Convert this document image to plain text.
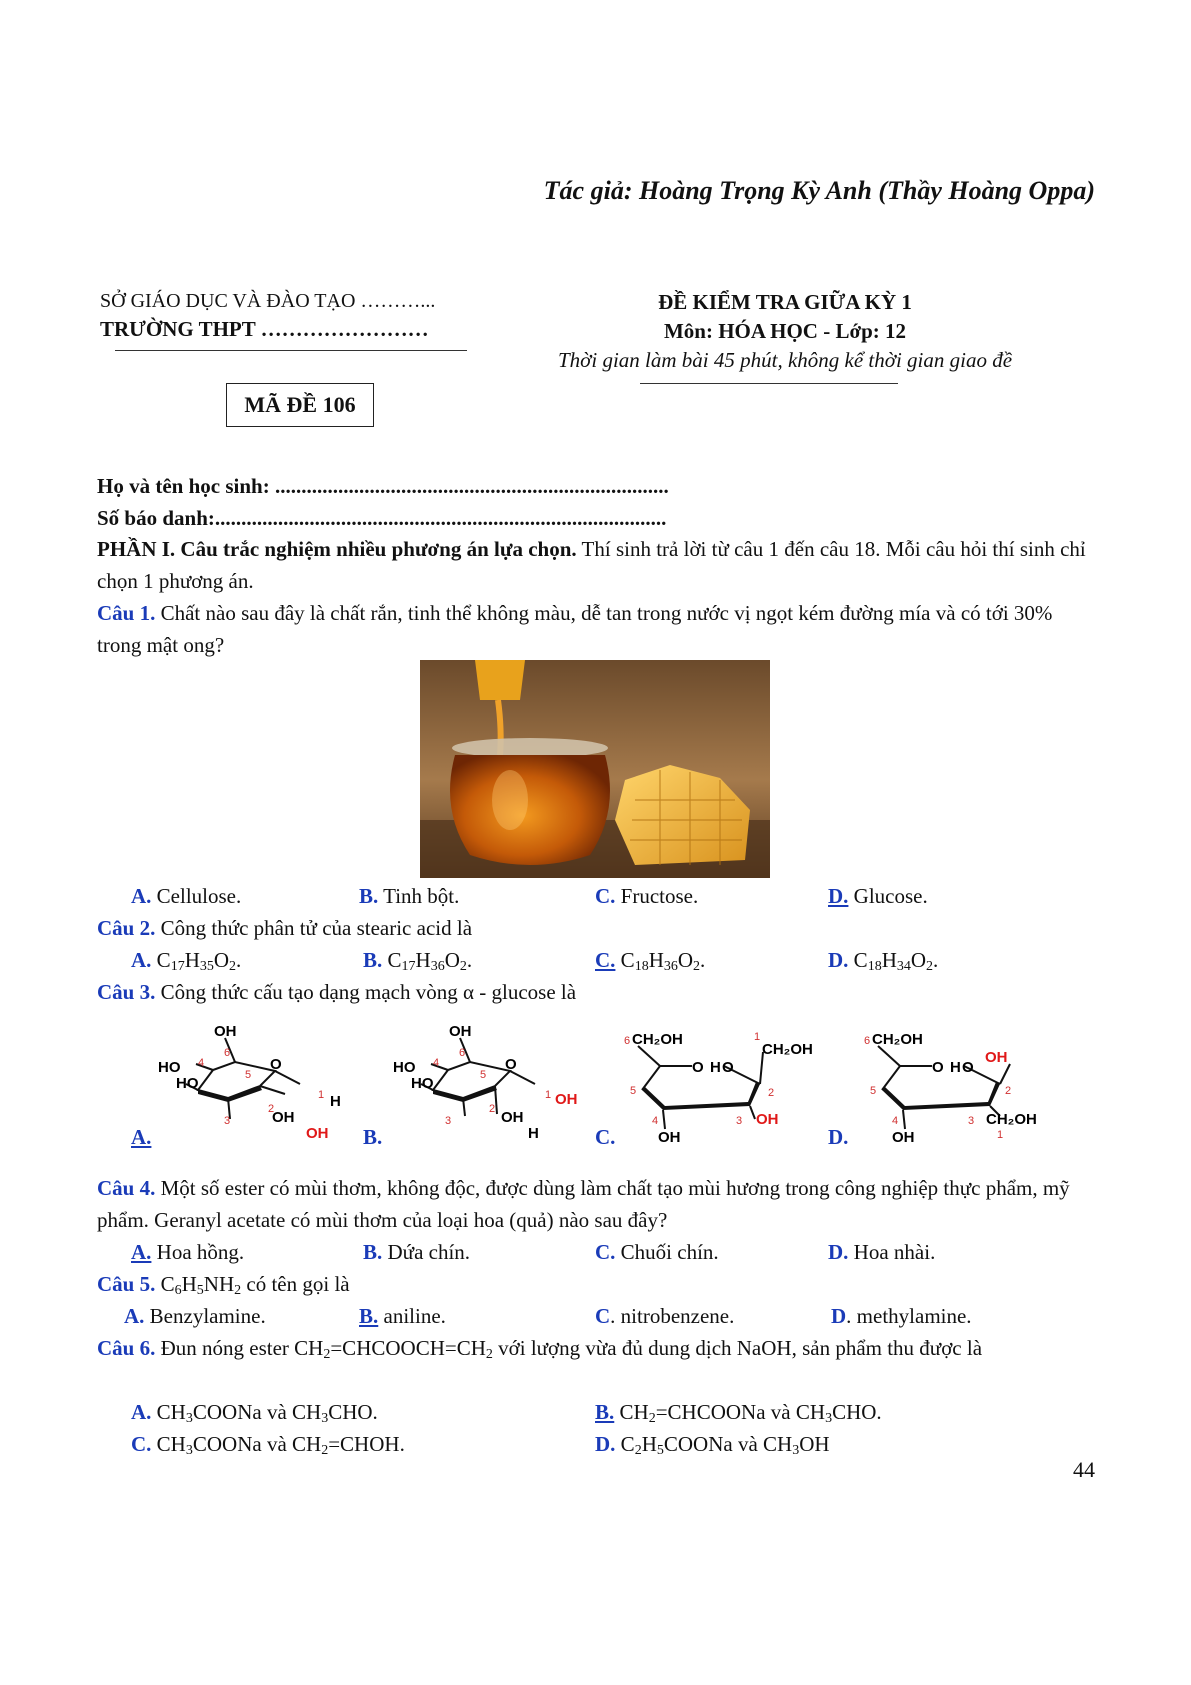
Tác giả: Hoàng Trọng Kỳ Anh (Thầy Hoàng Oppa)
SỞ GIÁO DỤC VÀ ĐÀO TẠO ………...
TRƯỜNG THPT ……………………
ĐỀ KIỂM TRA GIỮA KỲ 1
Môn: HÓA HỌC - Lớp: 12
Thời gian làm bài 45 phút, không kể thời gian giao đề
MÃ ĐỀ 106
Họ và tên học sinh: ...........................................................................
Số báo danh:......................................................................................
PHẦN I. Câu trắc nghiệm nhiều phương án lựa chọn. Thí sinh trả lời từ câu 1 đến câu 18. Mỗi câu hỏi thí sinh chỉ chọn 1 phương án.
Câu 1. Chất nào sau đây là chất rắn, tinh thể không màu, dễ tan trong nước vị ngọt kém đường mía và có tới 30% trong mật ong?
A. Cellulose.	B. Tinh bột.	C. Fructose.	D. Glucose.
Câu 2. Công thức phân tử của stearic acid là
A. $C_{17}H_{35}O_2$.	B. $C_{17}H_{36}O_2$.	C. $C_{18}H_{36}O_2$.	D. $C_{18}H_{34}O_2$.
Câu 3. Công thức cấu tạo dạng mạch vòng α - glucose là
OH
HO
HO
O
H
OH
OH
4
6
5
1
2
3
A.
OH
HO
HO
O
OH
OH
H
4
6
5
1
2
3
B.
CH₂OH
O H O
CH₂OH
OH
OH
6	1
2
3
4
5
C.
CH₂OH
O H O
OH
CH₂OH
OH
6
2
3
4
5
1
D.
Câu 4. Một số ester có mùi thơm, không độc, được dùng làm chất tạo mùi hương trong công nghiệp thực phẩm, mỹ phẩm. Geranyl acetate có mùi thơm của loại hoa (quả) nào sau đây?
A. Hoa hồng.	B. Dứa chín.	C. Chuối chín.	D. Hoa nhài.
Câu 5. $C_6H_5NH_2$ có tên gọi là
A. Benzylamine.	B. aniline.	C. nitrobenzene.	D. methylamine.
Câu 6. Đun nóng ester $CH_2=CHCOOCH=CH_2$ với lượng vừa đủ dung dịch NaOH, sản phẩm thu được là
A. $CH_3COONa$ và $CH_3CHO$.	B. $CH_2=CHCOONa$ và $CH_3CHO$.
C. $CH_3COONa$ và $CH_2=CHOH$.	D. $C_2H_5COONa$ và $CH_3OH$
44
